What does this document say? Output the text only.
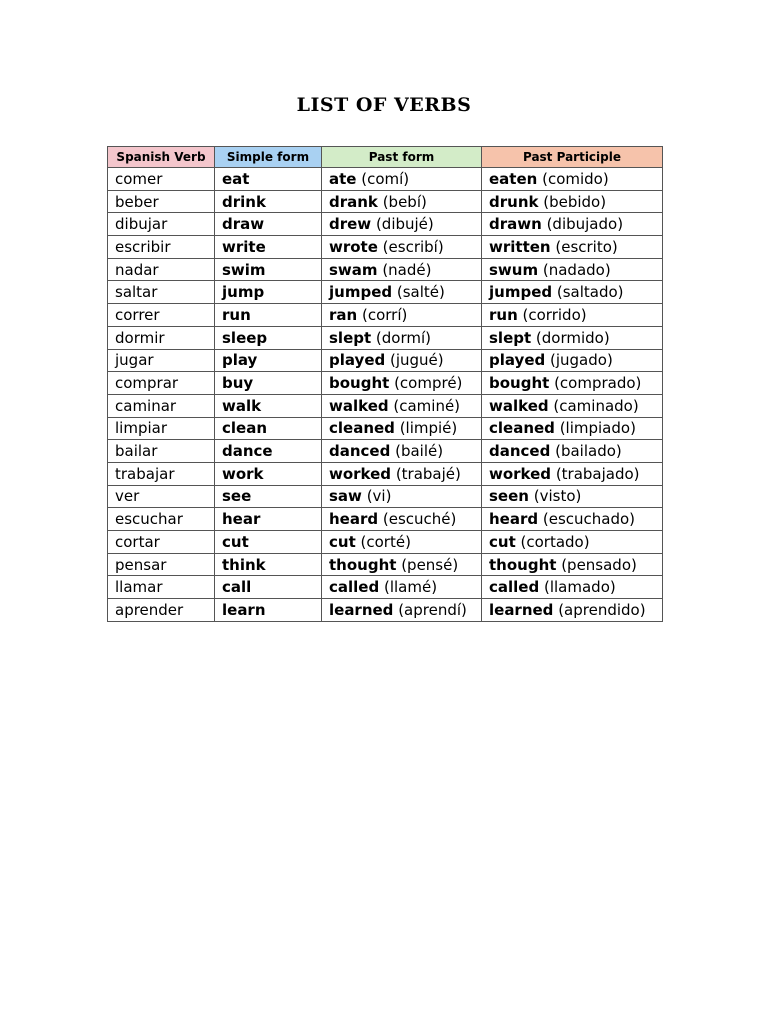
LIST OF VERBS
Spanish Verb	Simple form	Past form	Past Participle
comer	eat	ate (comí)	eaten (comido)
beber	drink	drank (bebí)	drunk (bebido)
dibujar	draw	drew (dibujé)	drawn (dibujado)
escribir	write	wrote (escribí)	written (escrito)
nadar	swim	swam (nadé)	swum (nadado)
saltar	jump	jumped (salté)	jumped (saltado)
correr	run	ran (corrí)	run (corrido)
dormir	sleep	slept (dormí)	slept (dormido)
jugar	play	played (jugué)	played (jugado)
comprar	buy	bought (compré)	bought (comprado)
caminar	walk	walked (caminé)	walked (caminado)
limpiar	clean	cleaned (limpié)	cleaned (limpiado)
bailar	dance	danced (bailé)	danced (bailado)
trabajar	work	worked (trabajé)	worked (trabajado)
ver	see	saw (vi)	seen (visto)
escuchar	hear	heard (escuché)	heard (escuchado)
cortar	cut	cut (corté)	cut (cortado)
pensar	think	thought (pensé)	thought (pensado)
llamar	call	called (llamé)	called (llamado)
aprender	learn	learned (aprendí)	learned (aprendido)
